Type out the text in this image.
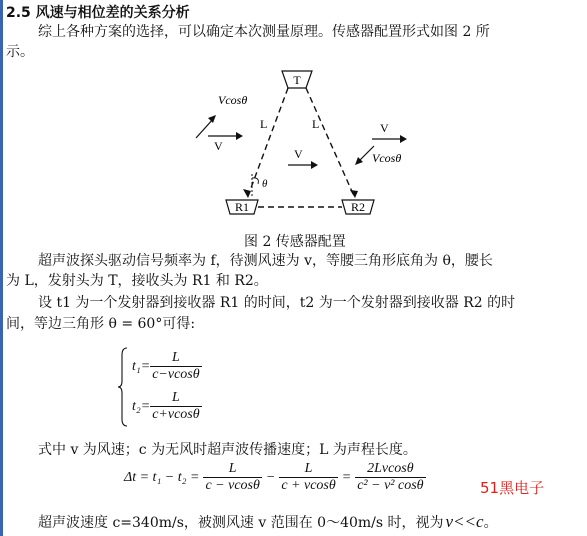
2.5 风速与相位差的关系分析
综上各种方案的选择，可以确定本次测量原理。传感器配置形式如图 2 所
示。
T
R1	R2
θ
L	L
V
Vcosθ
V
V
Vcosθ
图 2 传感器配置
超声波探头驱动信号频率为 f，待测风速为 v，等腰三角形底角为 θ，腰长
为 L，发射头为 T，接收头为 R1 和 R2。
设 t1 为一个发射器到接收器 R1 的时间，t2 为一个发射器到接收器 R2 的时
间，等边三角形 θ = 60°可得:
$t_1= \frac{L}{c-vcos\theta}$
$t_2= \frac{L}{c+vcos\theta}$
式中 v 为风速；c 为无风时超声波传播速度；L 为声程长度。
$\Delta t = t_1 - t_2 = \frac{L}{c - vcos\theta} - \frac{L}{c + vcos\theta} = \frac{2Lvcos\theta}{\text{c² − v² cosθ}}$	51黑电子
超声波速度 c=340m/s，被测风速 v 范围在 0～40m/s 时，视为 v<<c 。
